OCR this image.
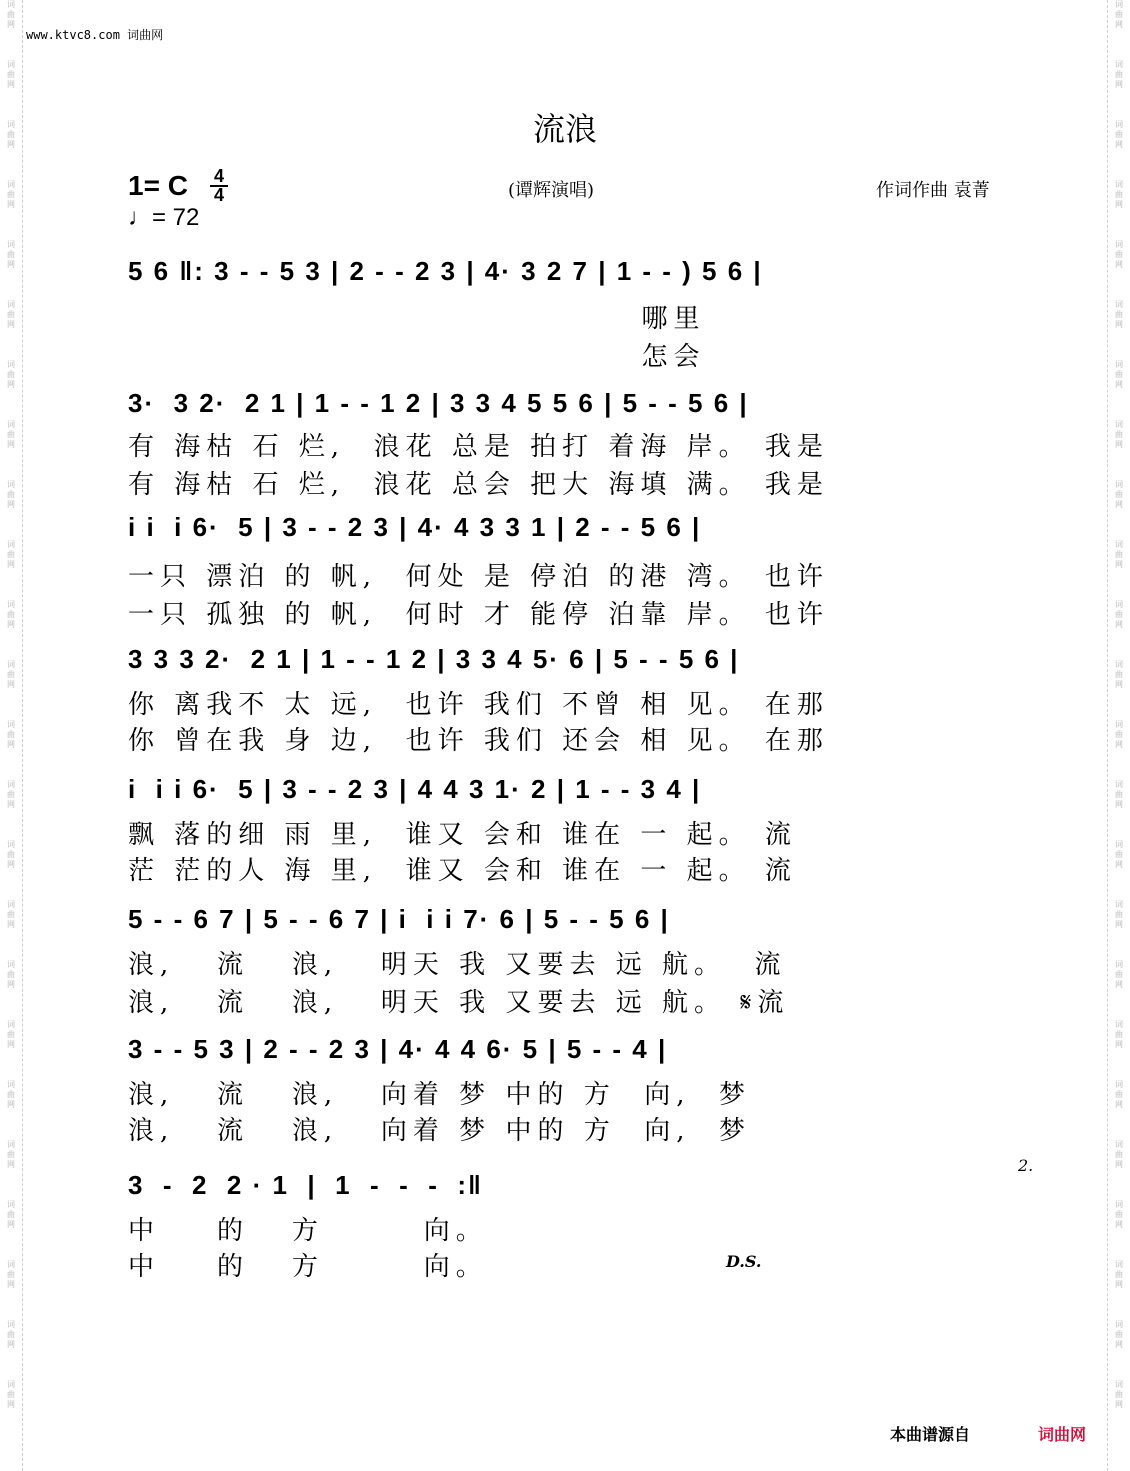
www.ktvc8.com 词曲网
流浪
1= C	4
4
♩= 72
(谭辉演唱)	作词作曲 袁菁
5 6 ‖: 3 - - 5 3 | 2 - - 2 3 | 4· 3 2 7 | 1 - - ) 5 6 |
哪里
怎会
3·  3 2·  2 1 | 1 - - 1 2 | 3 3 4 5 5 6 | 5 - - 5 6 |
有 海枯 石 烂,  浪花 总是 拍打 着海 岸。 我是
有 海枯 石 烂,  浪花 总会 把大 海填 满。 我是
i i  i 6·  5 | 3 - - 2 3 | 4· 4 3 3 1 | 2 - - 5 6 |
一只 漂泊 的 帆,  何处 是 停泊 的港 湾。 也许
一只 孤独 的 帆,  何时 才 能停 泊靠 岸。 也许
3 3 3 2·  2 1 | 1 - - 1 2 | 3 3 4 5· 6 | 5 - - 5 6 |
你 离我不 太 远,  也许 我们 不曾 相 见。 在那
你 曾在我 身 边,  也许 我们 还会 相 见。 在那
i  i i 6·  5 | 3 - - 2 3 | 4 4 3 1· 2 | 1 - - 3 4 |
飘 落的细 雨 里,  谁又 会和 谁在 一 起。 流
茫 茫的人 海 里,  谁又 会和 谁在 一 起。 流
5 - - 6 7 | 5 - - 6 7 | i  i i 7· 6 | 5 - - 5 6 |
浪,   流   浪,   明天 我 又要去 远 航。  流
浪,   流   浪,   明天 我 又要去 远 航。 𝄋流
3 - - 5 3 | 2 - - 2 3 | 4· 4 4 6· 5 | 5 - - 4 |
浪,   流   浪,   向着 梦 中的 方  向,  梦
浪,   流   浪,   向着 梦 中的 方  向,  梦
3  -  2  2 · 1  |  1  -  -  -  :‖
2.
中    的   方       向。
中    的   方       向。	D.S.
本曲谱源自	词曲网
词曲网
词曲网
词曲网
词曲网
词曲网
词曲网
词曲网
词曲网
词曲网
词曲网
词曲网
词曲网
词曲网
词曲网
词曲网
词曲网
词曲网
词曲网
词曲网
词曲网
词曲网
词曲网
词曲网
词曲网
词曲网
词曲网
词曲网
词曲网
词曲网
词曲网
词曲网
词曲网
词曲网
词曲网
词曲网
词曲网
词曲网
词曲网
词曲网
词曲网
词曲网
词曲网
词曲网
词曲网
词曲网
词曲网
词曲网
词曲网
